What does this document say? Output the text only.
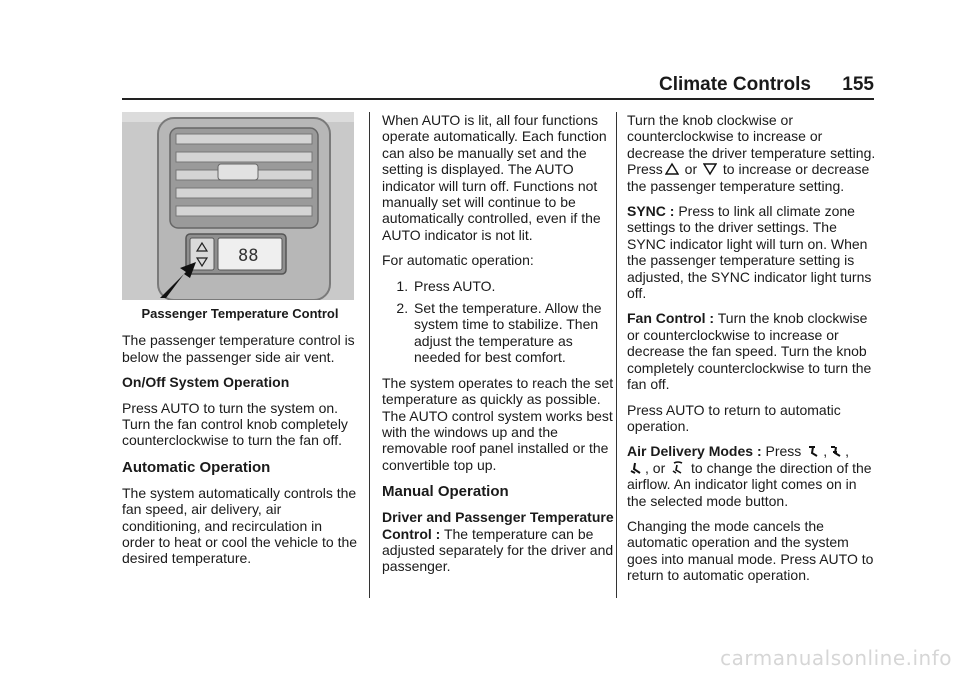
Climate Controls 155
88
Passenger Temperature Control

The passenger temperature control is below the passenger side air vent.

On/Off System Operation

Press AUTO to turn the system on. Turn the fan control knob completely counterclockwise to turn the fan off.

Automatic Operation

The system automatically controls the fan speed, air delivery, air conditioning, and recirculation in order to heat or cool the vehicle to the desired temperature.

When AUTO is lit, all four functions operate automatically. Each function can also be manually set and the setting is displayed. The AUTO indicator will turn off. Functions not manually set will continue to be automatically controlled, even if the AUTO indicator is not lit.

For automatic operation:

1. Press AUTO.
2. Set the temperature. Allow the system time to stabilize. Then adjust the temperature as needed for best comfort.

The system operates to reach the set temperature as quickly as possible. The AUTO control system works best with the windows up and the removable roof panel installed or the convertible top up.

Manual Operation

Driver and Passenger Temperature Control : The temperature can be adjusted separately for the driver and passenger.

Turn the knob clockwise or counterclockwise to increase or decrease the driver temperature setting. Press or  to increase or decrease the passenger temperature setting.

SYNC : Press to link all climate zone settings to the driver settings. The SYNC indicator light will turn on. When the passenger temperature setting is adjusted, the SYNC indicator light turns off.

Fan Control : Turn the knob clockwise or counterclockwise to increase or decrease the fan speed. Turn the knob completely counterclockwise to turn the fan off.

Press AUTO to return to automatic operation.

Air Delivery Modes : Press , ,
, or  to change the direction of the airflow. An indicator light comes on in the selected mode button.

Changing the mode cancels the automatic operation and the system goes into manual mode. Press AUTO to return to automatic operation.

carmanualsonline.info
